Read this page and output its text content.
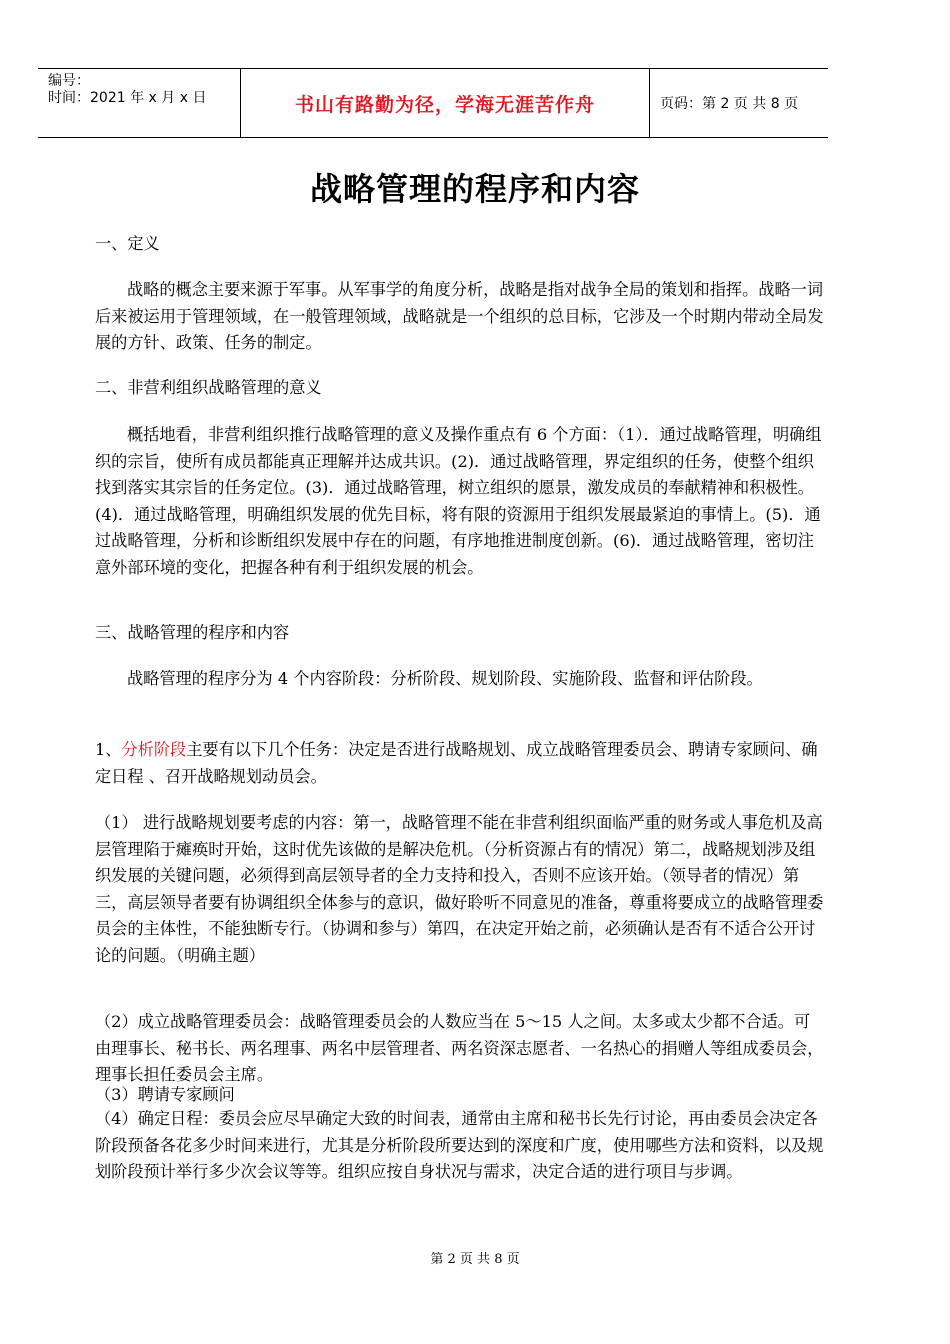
编号：
时间：2021 年 x 月 x 日	书山有路勤为径，学海无涯苦作舟	页码：第 2 页 共 8 页
战略管理的程序和内容
一、定义
战略的概念主要来源于军事。从军事学的角度分析，战略是指对战争全局的策划和指挥。战略一词后来被运用于管理领域，在一般管理领域，战略就是一个组织的总目标，它涉及一个时期内带动全局发展的方针、政策、任务的制定。
二、非营利组织战略管理的意义
概括地看，非营利组织推行战略管理的意义及操作重点有 6 个方面：（1）．通过战略管理，明确组织的宗旨，使所有成员都能真正理解并达成共识。(2)．通过战略管理，界定组织的任务，使整个组织找到落实其宗旨的任务定位。(3)．通过战略管理，树立组织的愿景，激发成员的奉献精神和积极性。(4)．通过战略管理，明确组织发展的优先目标，将有限的资源用于组织发展最紧迫的事情上。(5)．通过战略管理，分析和诊断组织发展中存在的问题，有序地推进制度创新。(6)．通过战略管理，密切注意外部环境的变化，把握各种有利于组织发展的机会。
三、战略管理的程序和内容
战略管理的程序分为 4 个内容阶段：分析阶段、规划阶段、实施阶段、监督和评估阶段。
1、分析阶段主要有以下几个任务：决定是否进行战略规划、成立战略管理委员会、聘请专家顾问、确定日程 、召开战略规划动员会。
（1） 进行战略规划要考虑的内容：第一，战略管理不能在非营利组织面临严重的财务或人事危机及高层管理陷于瘫痪时开始，这时优先该做的是解决危机。（分析资源占有的情况）第二，战略规划涉及组织发展的关键问题，必须得到高层领导者的全力支持和投入，否则不应该开始。（领导者的情况）第三，高层领导者要有协调组织全体参与的意识，做好聆听不同意见的准备，尊重将要成立的战略管理委员会的主体性，不能独断专行。（协调和参与）第四，在决定开始之前，必须确认是否有不适合公开讨论的问题。（明确主题）
（2）成立战略管理委员会：战略管理委员会的人数应当在 5～15 人之间。太多或太少都不合适。可由理事长、秘书长、两名理事、两名中层管理者、两名资深志愿者、一名热心的捐赠人等组成委员会，理事长担任委员会主席。
（3）聘请专家顾问
（4）确定日程：委员会应尽早确定大致的时间表，通常由主席和秘书长先行讨论，再由委员会决定各阶段预备各花多少时间来进行，尤其是分析阶段所要达到的深度和广度，使用哪些方法和资料，以及规划阶段预计举行多少次会议等等。组织应按自身状况与需求，决定合适的进行项目与步调。
第 2 页 共 8 页
